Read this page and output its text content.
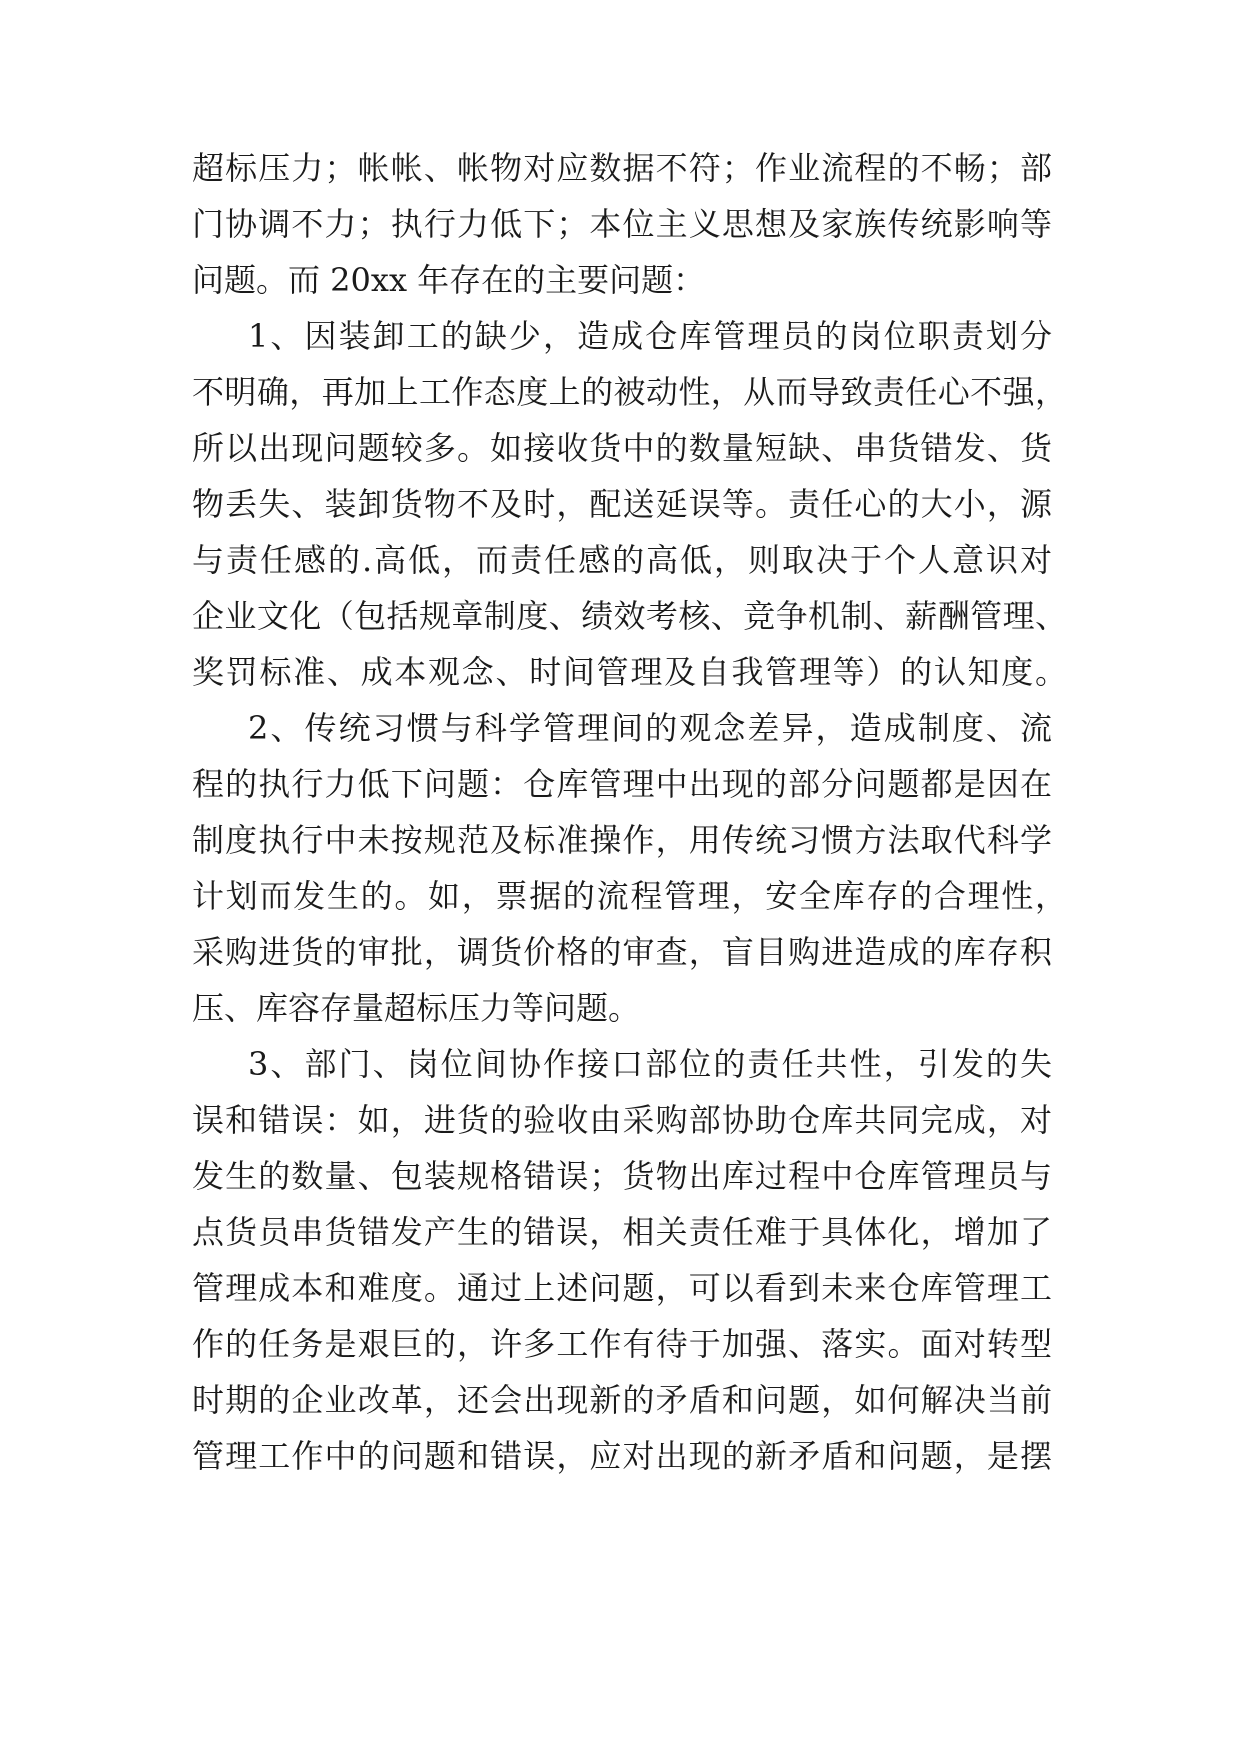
超标压力；帐帐、帐物对应数据不符；作业流程的不畅；部
门协调不力；执行力低下；本位主义思想及家族传统影响等
问题。而 20xx 年存在的主要问题：
1、因装卸工的缺少，造成仓库管理员的岗位职责划分
不明确，再加上工作态度上的被动性，从而导致责任心不强，
所以出现问题较多。如接收货中的数量短缺、串货错发、货
物丢失、装卸货物不及时，配送延误等。责任心的大小，源
与责任感的.高低，而责任感的高低，则取决于个人意识对
企业文化（包括规章制度、绩效考核、竞争机制、薪酬管理、
奖罚标准、成本观念、时间管理及自我管理等）的认知度。
2、传统习惯与科学管理间的观念差异，造成制度、流
程的执行力低下问题：仓库管理中出现的部分问题都是因在
制度执行中未按规范及标准操作，用传统习惯方法取代科学
计划而发生的。如，票据的流程管理，安全库存的合理性，
采购进货的审批，调货价格的审查，盲目购进造成的库存积
压、库容存量超标压力等问题。
3、部门、岗位间协作接口部位的责任共性，引发的失
误和错误：如，进货的验收由采购部协助仓库共同完成，对
发生的数量、包装规格错误；货物出库过程中仓库管理员与
点货员串货错发产生的错误，相关责任难于具体化，增加了
管理成本和难度。通过上述问题，可以看到未来仓库管理工
作的任务是艰巨的，许多工作有待于加强、落实。面对转型
时期的企业改革，还会出现新的矛盾和问题，如何解决当前
管理工作中的问题和错误，应对出现的新矛盾和问题，是摆
